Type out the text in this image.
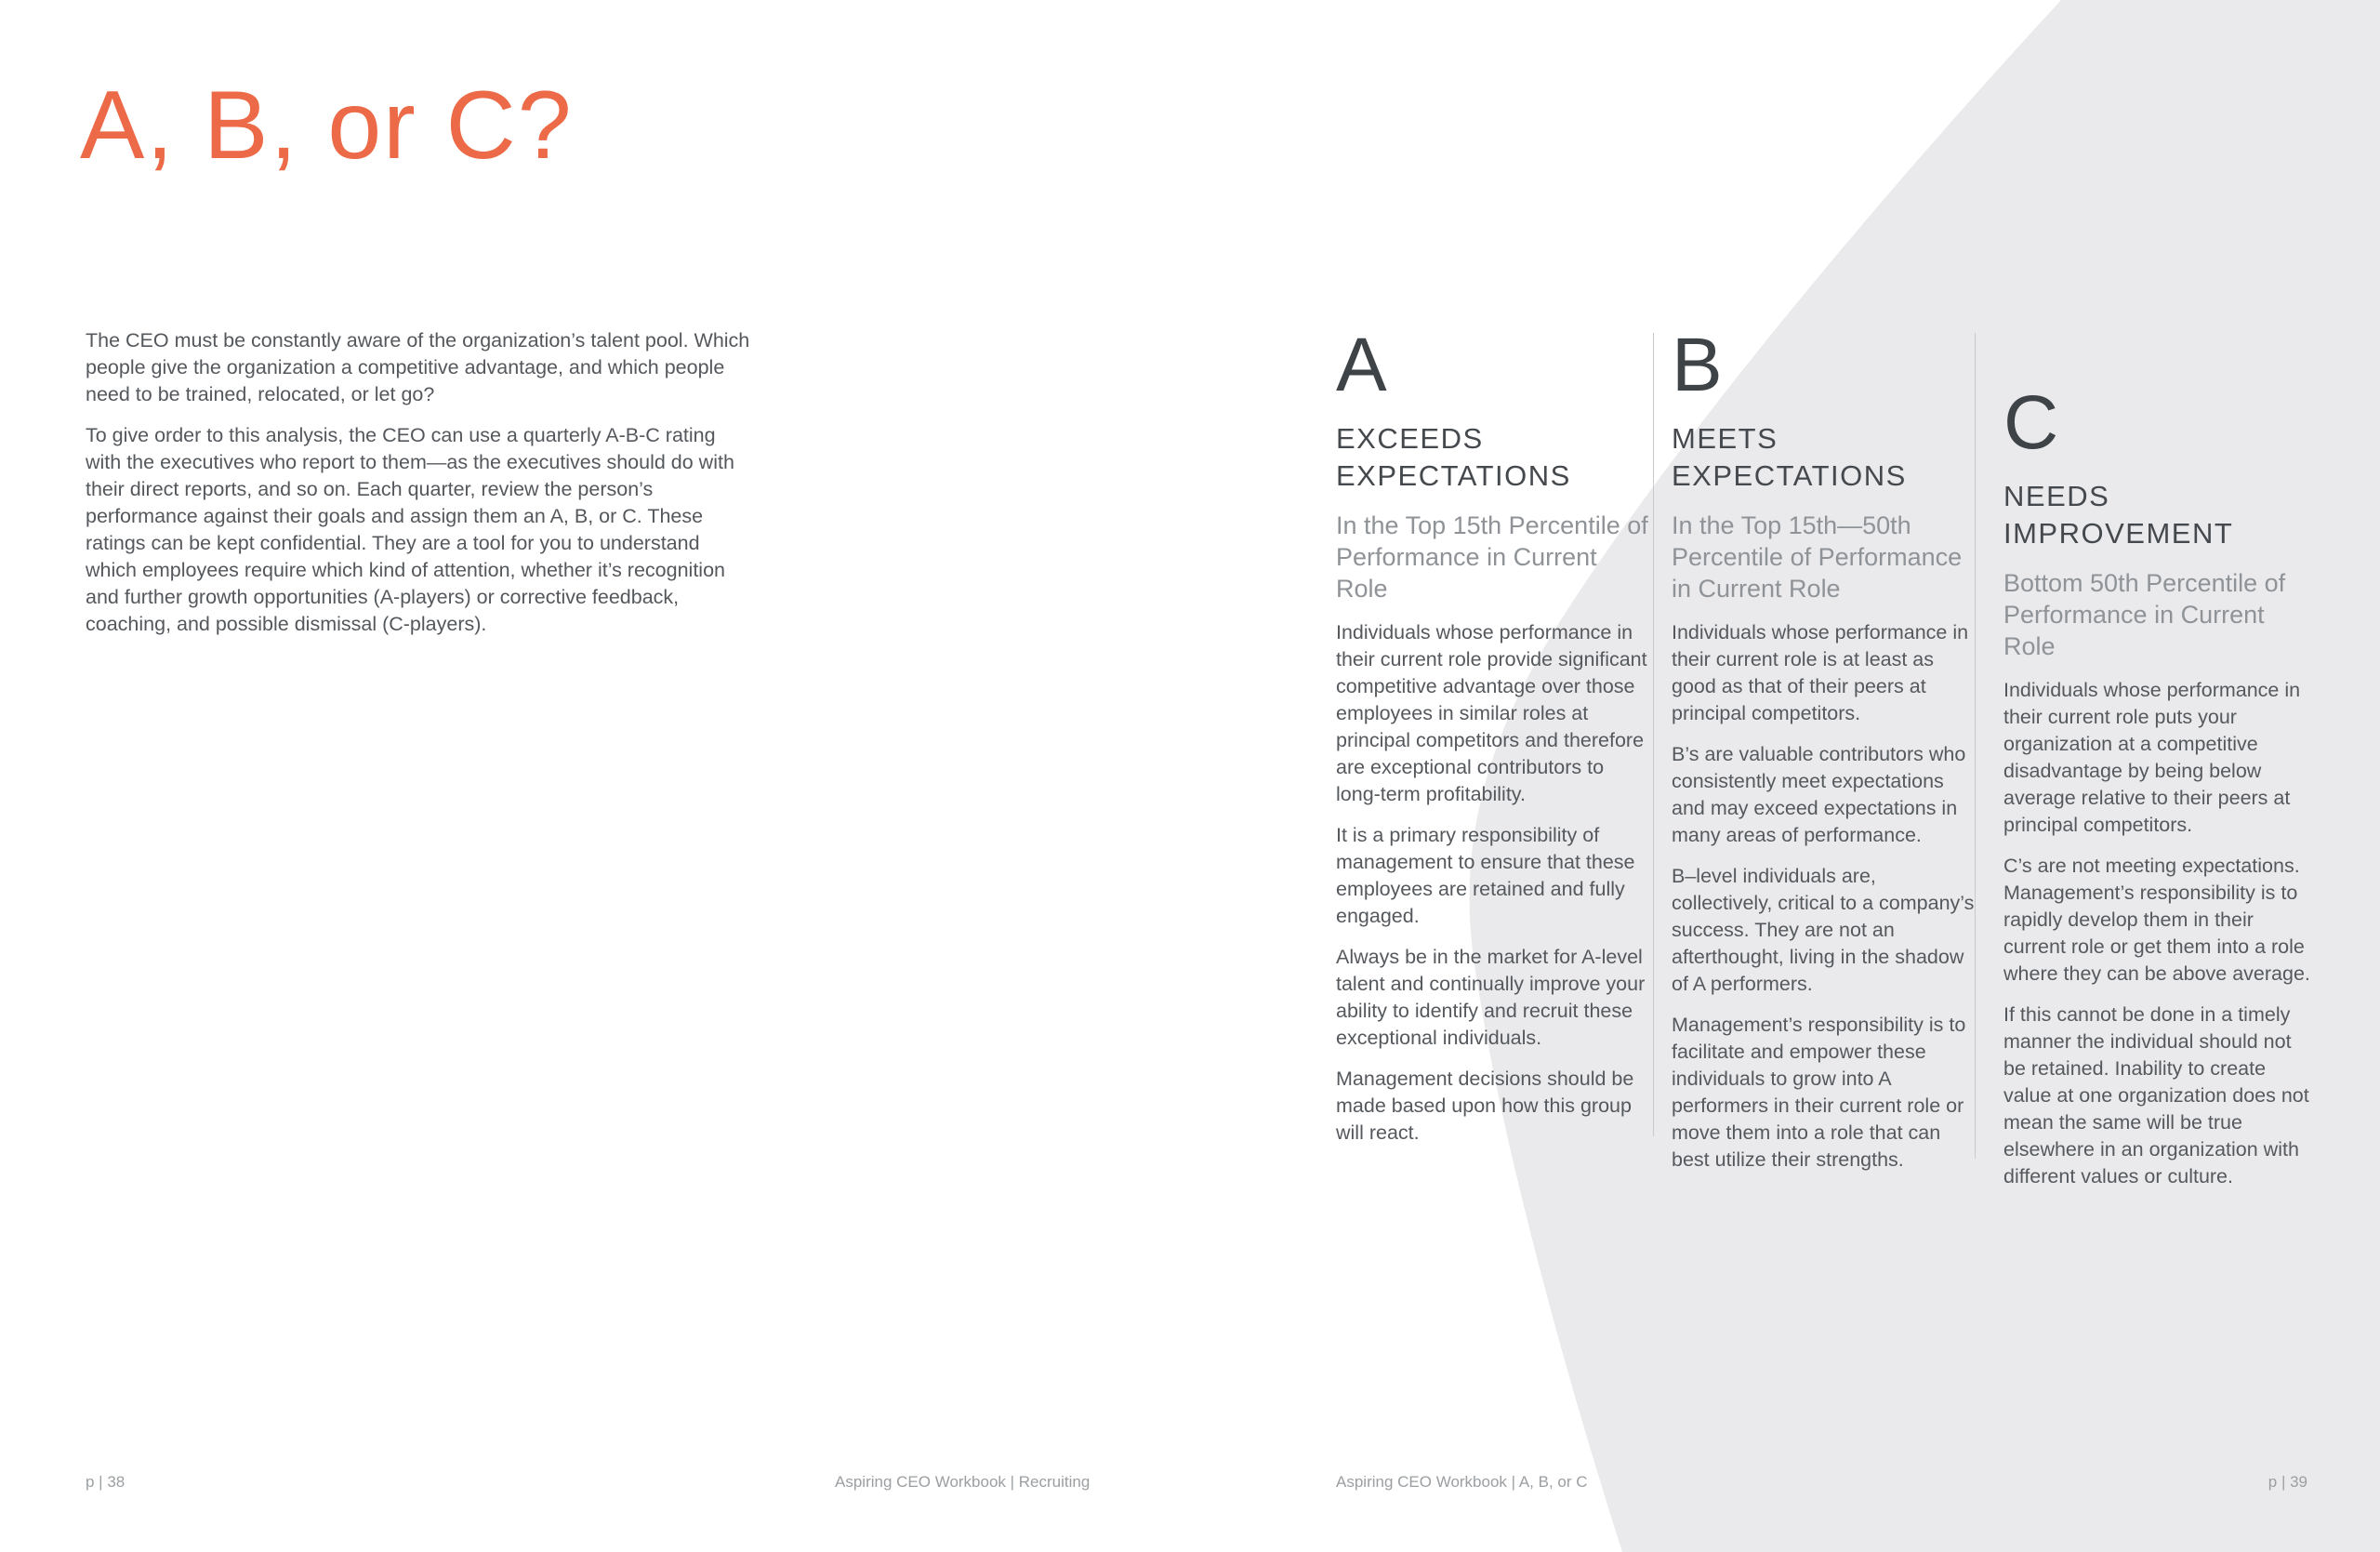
A, B, or C?

The CEO must be constantly aware of the organization’s talent pool. Which people give the organization a competitive advantage, and which people need to be trained, relocated, or let go?

To give order to this analysis, the CEO can use a quarterly A-B-C rating with the executives who report to them—as the executives should do with their direct reports, and so on. Each quarter, review the person’s performance against their goals and assign them an A, B, or C. These ratings can be kept confidential. They are a tool for you to understand which employees require which kind of attention, whether it’s recognition and further growth opportunities (A-players) or corrective feedback, coaching, and possible dismissal (C-players).

A
EXCEEDS EXPECTATIONS
In the Top 15th Percentile of Performance in Current Role

Individuals whose performance in their current role provide significant competitive advantage over those employees in similar roles at principal competitors and therefore are exceptional contributors to long-term profitability.

It is a primary responsibility of management to ensure that these employees are retained and fully engaged.

Always be in the market for A-level talent and continually improve your ability to identify and recruit these exceptional individuals.

Management decisions should be made based upon how this group will react.

B
MEETS EXPECTATIONS
In the Top 15th—50th Percentile of Performance in Current Role

Individuals whose performance in their current role is at least as good as that of their peers at principal competitors.

B’s are valuable contributors who consistently meet expectations and may exceed expectations in many areas of performance.

B–level individuals are, collectively, critical to a company’s success. They are not an afterthought, living in the shadow of A performers.

Management’s responsibility is to facilitate and empower these individuals to grow into A performers in their current role or move them into a role that can best utilize their strengths.

C
NEEDS IMPROVEMENT
Bottom 50th Percentile of Performance in Current Role

Individuals whose performance in their current role puts your organization at a competitive disadvantage by being below average relative to their peers at principal competitors.

C’s are not meeting expectations. Management’s responsibility is to rapidly develop them in their current role or get them into a role where they can be above average.

If this cannot be done in a timely manner the individual should not be retained. Inability to create value at one organization does not mean the same will be true elsewhere in an organization with different values or culture.

p | 38	Aspiring CEO Workbook | Recruiting	Aspiring CEO Workbook | A, B, or C	p | 39
